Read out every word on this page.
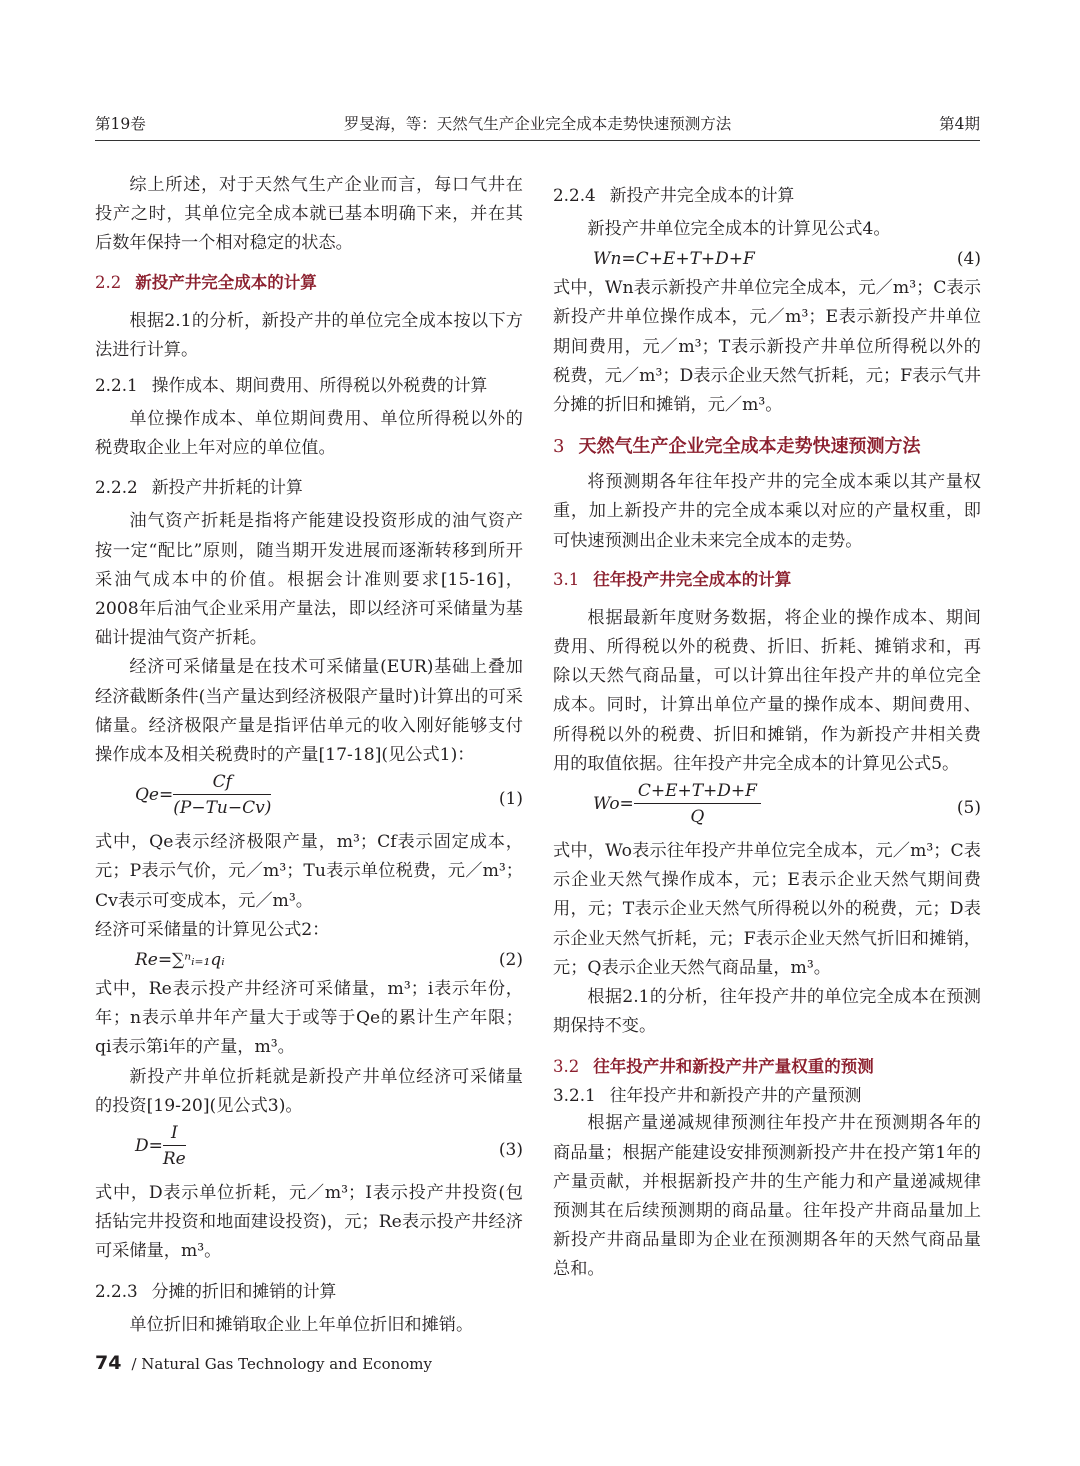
第19卷	罗旻海，等：天然气生产企业完全成本走势快速预测方法	第4期

综上所述，对于天然气生产企业而言，每口气井在投产之时，其单位完全成本就已基本明确下来，并在其后数年保持一个相对稳定的状态。

2.2 新投产井完全成本的计算

根据2.1的分析，新投产井的单位完全成本按以下方法进行计算。

2.2.1 操作成本、期间费用、所得税以外税费的计算

单位操作成本、单位期间费用、单位所得税以外的税费取企业上年对应的单位值。

2.2.2 新投产井折耗的计算

油气资产折耗是指将产能建设投资形成的油气资产按一定“配比”原则，随当期开发进展而逐渐转移到所开采油气成本中的价值。根据会计准则要求[15-16]，2008年后油气企业采用产量法，即以经济可采储量为基础计提油气资产折耗。

经济可采储量是在技术可采储量(EUR)基础上叠加经济截断条件(当产量达到经济极限产量时)计算出的可采储量。经济极限产量是指评估单元的收入刚好能够支付操作成本及相关税费时的产量[17-18](见公式1)：

$Qe= \frac{Cf}{(P-Tu-Cv)}$	(1)

式中，Qe表示经济极限产量，m³；Cf表示固定成本，元；P表示气价，元／m³；Tu表示单位税费，元／m³；Cv表示可变成本，元／m³。

经济可采储量的计算见公式2：

Re=∑ⁿᵢ₌₁qᵢ	(2)

式中，Re表示投产井经济可采储量，m³；i表示年份，年；n表示单井年产量大于或等于Qe的累计生产年限；qi表示第i年的产量，m³。

新投产井单位折耗就是新投产井单位经济可采储量的投资[19-20](见公式3)。

$D= \frac{I}{Re}$	(3)

式中，D表示单位折耗，元／m³；I表示投产井投资(包括钻完井投资和地面建设投资)，元；Re表示投产井经济可采储量，m³。

2.2.3 分摊的折旧和摊销的计算

单位折旧和摊销取企业上年单位折旧和摊销。

2.2.4 新投产井完全成本的计算

新投产井单位完全成本的计算见公式4。

Wn=C+E+T+D+F	(4)

式中，Wn表示新投产井单位完全成本，元／m³；C表示新投产井单位操作成本，元／m³；E表示新投产井单位期间费用，元／m³；T表示新投产井单位所得税以外的税费，元／m³；D表示企业天然气折耗，元；F表示气井分摊的折旧和摊销，元／m³。

3 天然气生产企业完全成本走势快速预测方法

将预测期各年往年投产井的完全成本乘以其产量权重，加上新投产井的完全成本乘以对应的产量权重，即可快速预测出企业未来完全成本的走势。

3.1 往年投产井完全成本的计算

根据最新年度财务数据，将企业的操作成本、期间费用、所得税以外的税费、折旧、折耗、摊销求和，再除以天然气商品量，可以计算出往年投产井的单位完全成本。同时，计算出单位产量的操作成本、期间费用、所得税以外的税费、折旧和摊销，作为新投产井相关费用的取值依据。往年投产井完全成本的计算见公式5。

$Wo= \frac{C+E+T+D+F}{Q}$	(5)

式中，Wo表示往年投产井单位完全成本，元／m³；C表示企业天然气操作成本，元；E表示企业天然气期间费用，元；T表示企业天然气所得税以外的税费，元；D表示企业天然气折耗，元；F表示企业天然气折旧和摊销，元；Q表示企业天然气商品量，m³。

根据2.1的分析，往年投产井的单位完全成本在预测期保持不变。

3.2 往年投产井和新投产井产量权重的预测

3.2.1 往年投产井和新投产井的产量预测

根据产量递减规律预测往年投产井在预测期各年的商品量；根据产能建设安排预测新投产井在投产第1年的产量贡献，并根据新投产井的生产能力和产量递减规律预测其在后续预测期的商品量。往年投产井商品量加上新投产井商品量即为企业在预测期各年的天然气商品量总和。

74 / Natural Gas Technology and Economy
